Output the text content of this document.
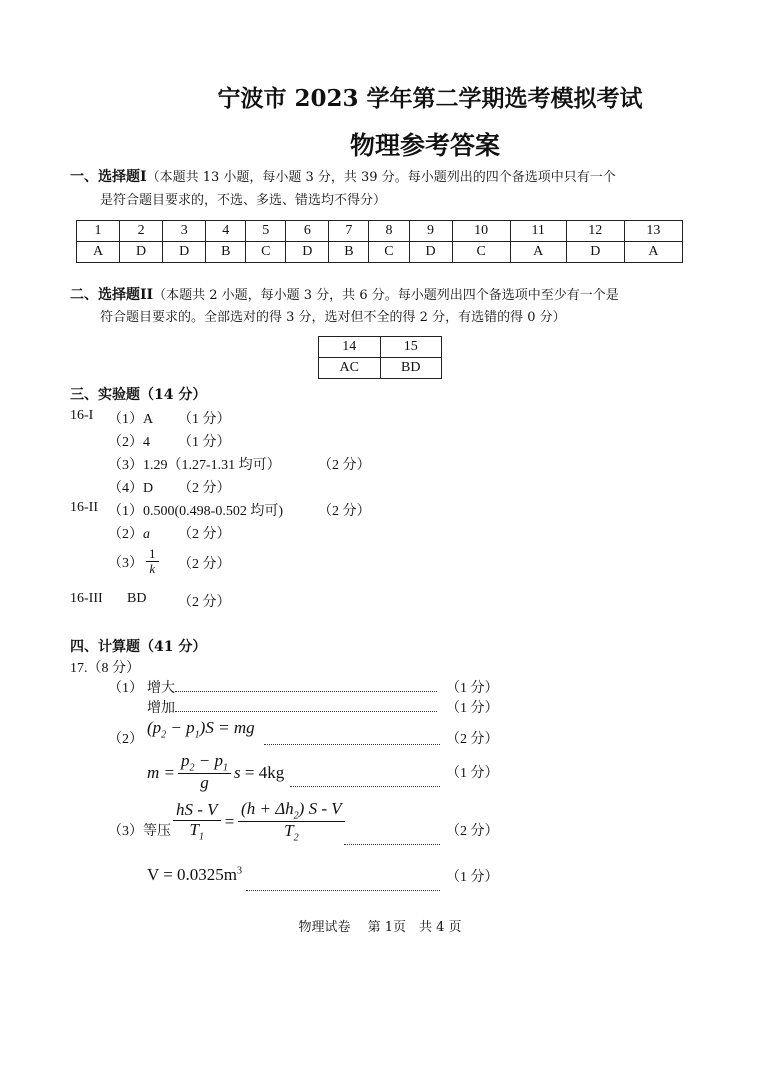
宁波市 2023 学年第二学期选考模拟考试
物理参考答案
一、选择题I（本题共 13 小题，每小题 3 分，共 39 分。每小题列出的四个备选项中只有一个
是符合题目要求的，不选、多选、错选均不得分）
1	2	3	4	5	6	7	8	9	10	11	12	13
A	D	D	B	C	D	B	C	D	C	A	D	A
二、选择题II（本题共 2 小题，每小题 3 分，共 6 分。每小题列出四个备选项中至少有一个是
符合题目要求的。全部选对的得 3 分，选对但不全的得 2 分，有选错的得 0 分）
14	15
AC	BD
三、实验题（14 分）
16-I （1）A （1 分）
（2）4 （1 分）
（3）1.29（1.27-1.31 均可）	（2 分）
（4）D （2 分）
16-II （1）0.500(0.498-0.502 均可)	（2 分）
（2）a （2 分）
$(3) \frac{1}{k} (2$ 分）
16-III BD （2 分）
四、计算题（41 分）
17.（8 分）
（1） 增大	（1 分）
增加	（1 分）
（2）
$(p_2 - p_1)S$ = mg
（2 分）
$m = \frac{p_2 - p_1}{g}$ s = 4kg	（1 分）
（3）等压 $\frac{hS - V}{T_1} = \frac{(h + \Delta h_2) S - V}{T_2}$	（2 分）
$V = 0.0325m^3$	（1 分）
物理试卷　 第 1页　共 4 页
